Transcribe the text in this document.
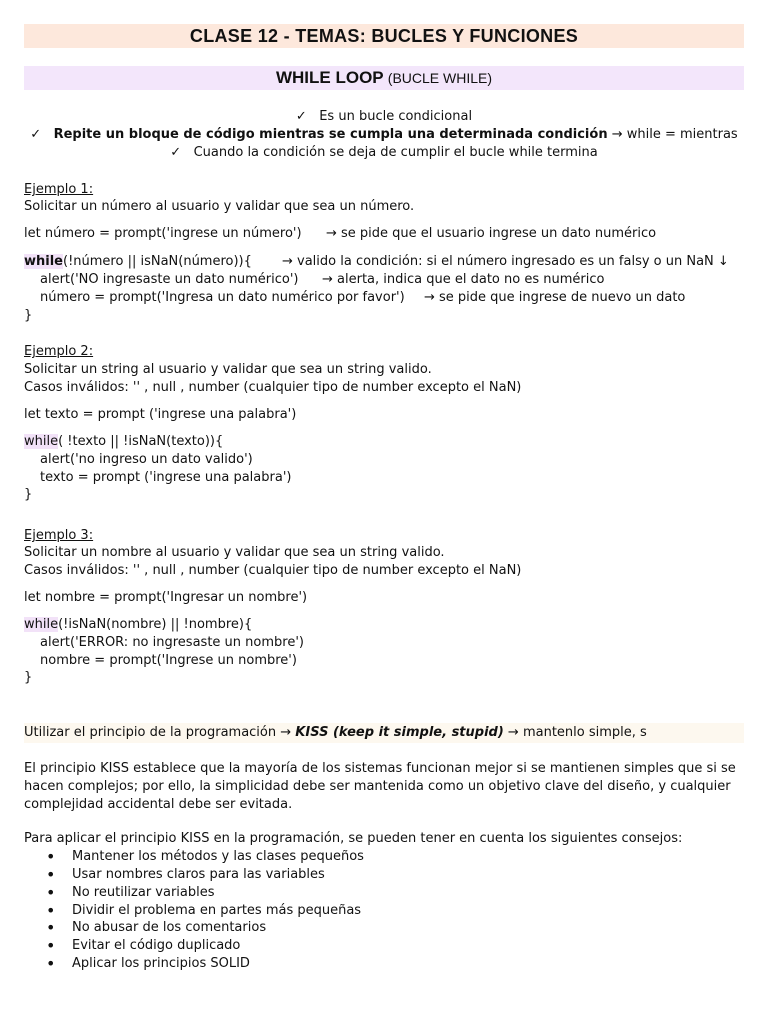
CLASE 12 - TEMAS: BUCLES Y FUNCIONES
WHILE LOOP (BUCLE WHILE)
✓ Es un bucle condicional
✓ Repite un bloque de código mientras se cumpla una determinada condición → while = mientras
✓ Cuando la condición se deja de cumplir el bucle while termina
Ejemplo 1:
Solicitar un número al usuario y validar que sea un número.
let número = prompt('ingrese un número') → se pide que el usuario ingrese un dato numérico
while(!número || isNaN(número)){ → valido la condición: si el número ingresado es un falsy o un NaN ↓
alert('NO ingresaste un dato numérico') → alerta, indica que el dato no es numérico
número = prompt('Ingresa un dato numérico por favor') → se pide que ingrese de nuevo un dato
}
Ejemplo 2:
Solicitar un string al usuario y validar que sea un string valido.
Casos inválidos: '' , null , number (cualquier tipo de number excepto el NaN)
let texto = prompt ('ingrese una palabra')
while( !texto || !isNaN(texto)){
alert('no ingreso un dato valido')
texto = prompt ('ingrese una palabra')
}
Ejemplo 3:
Solicitar un nombre al usuario y validar que sea un string valido.
Casos inválidos: '' , null , number (cualquier tipo de number excepto el NaN)
let nombre = prompt('Ingresar un nombre')
while(!isNaN(nombre) || !nombre){
alert('ERROR: no ingresaste un nombre')
nombre = prompt('Ingrese un nombre')
}
Utilizar el principio de la programación → KISS (keep it simple, stupid) → mantenlo simple, s
El principio KISS establece que la mayoría de los sistemas funcionan mejor si se mantienen simples que si se hacen complejos; por ello, la simplicidad debe ser mantenida como un objetivo clave del diseño, y cualquier complejidad accidental debe ser evitada.
Para aplicar el principio KISS en la programación, se pueden tener en cuenta los siguientes consejos:
Mantener los métodos y las clases pequeños
Usar nombres claros para las variables
No reutilizar variables
Dividir el problema en partes más pequeñas
No abusar de los comentarios
Evitar el código duplicado
Aplicar los principios SOLID
